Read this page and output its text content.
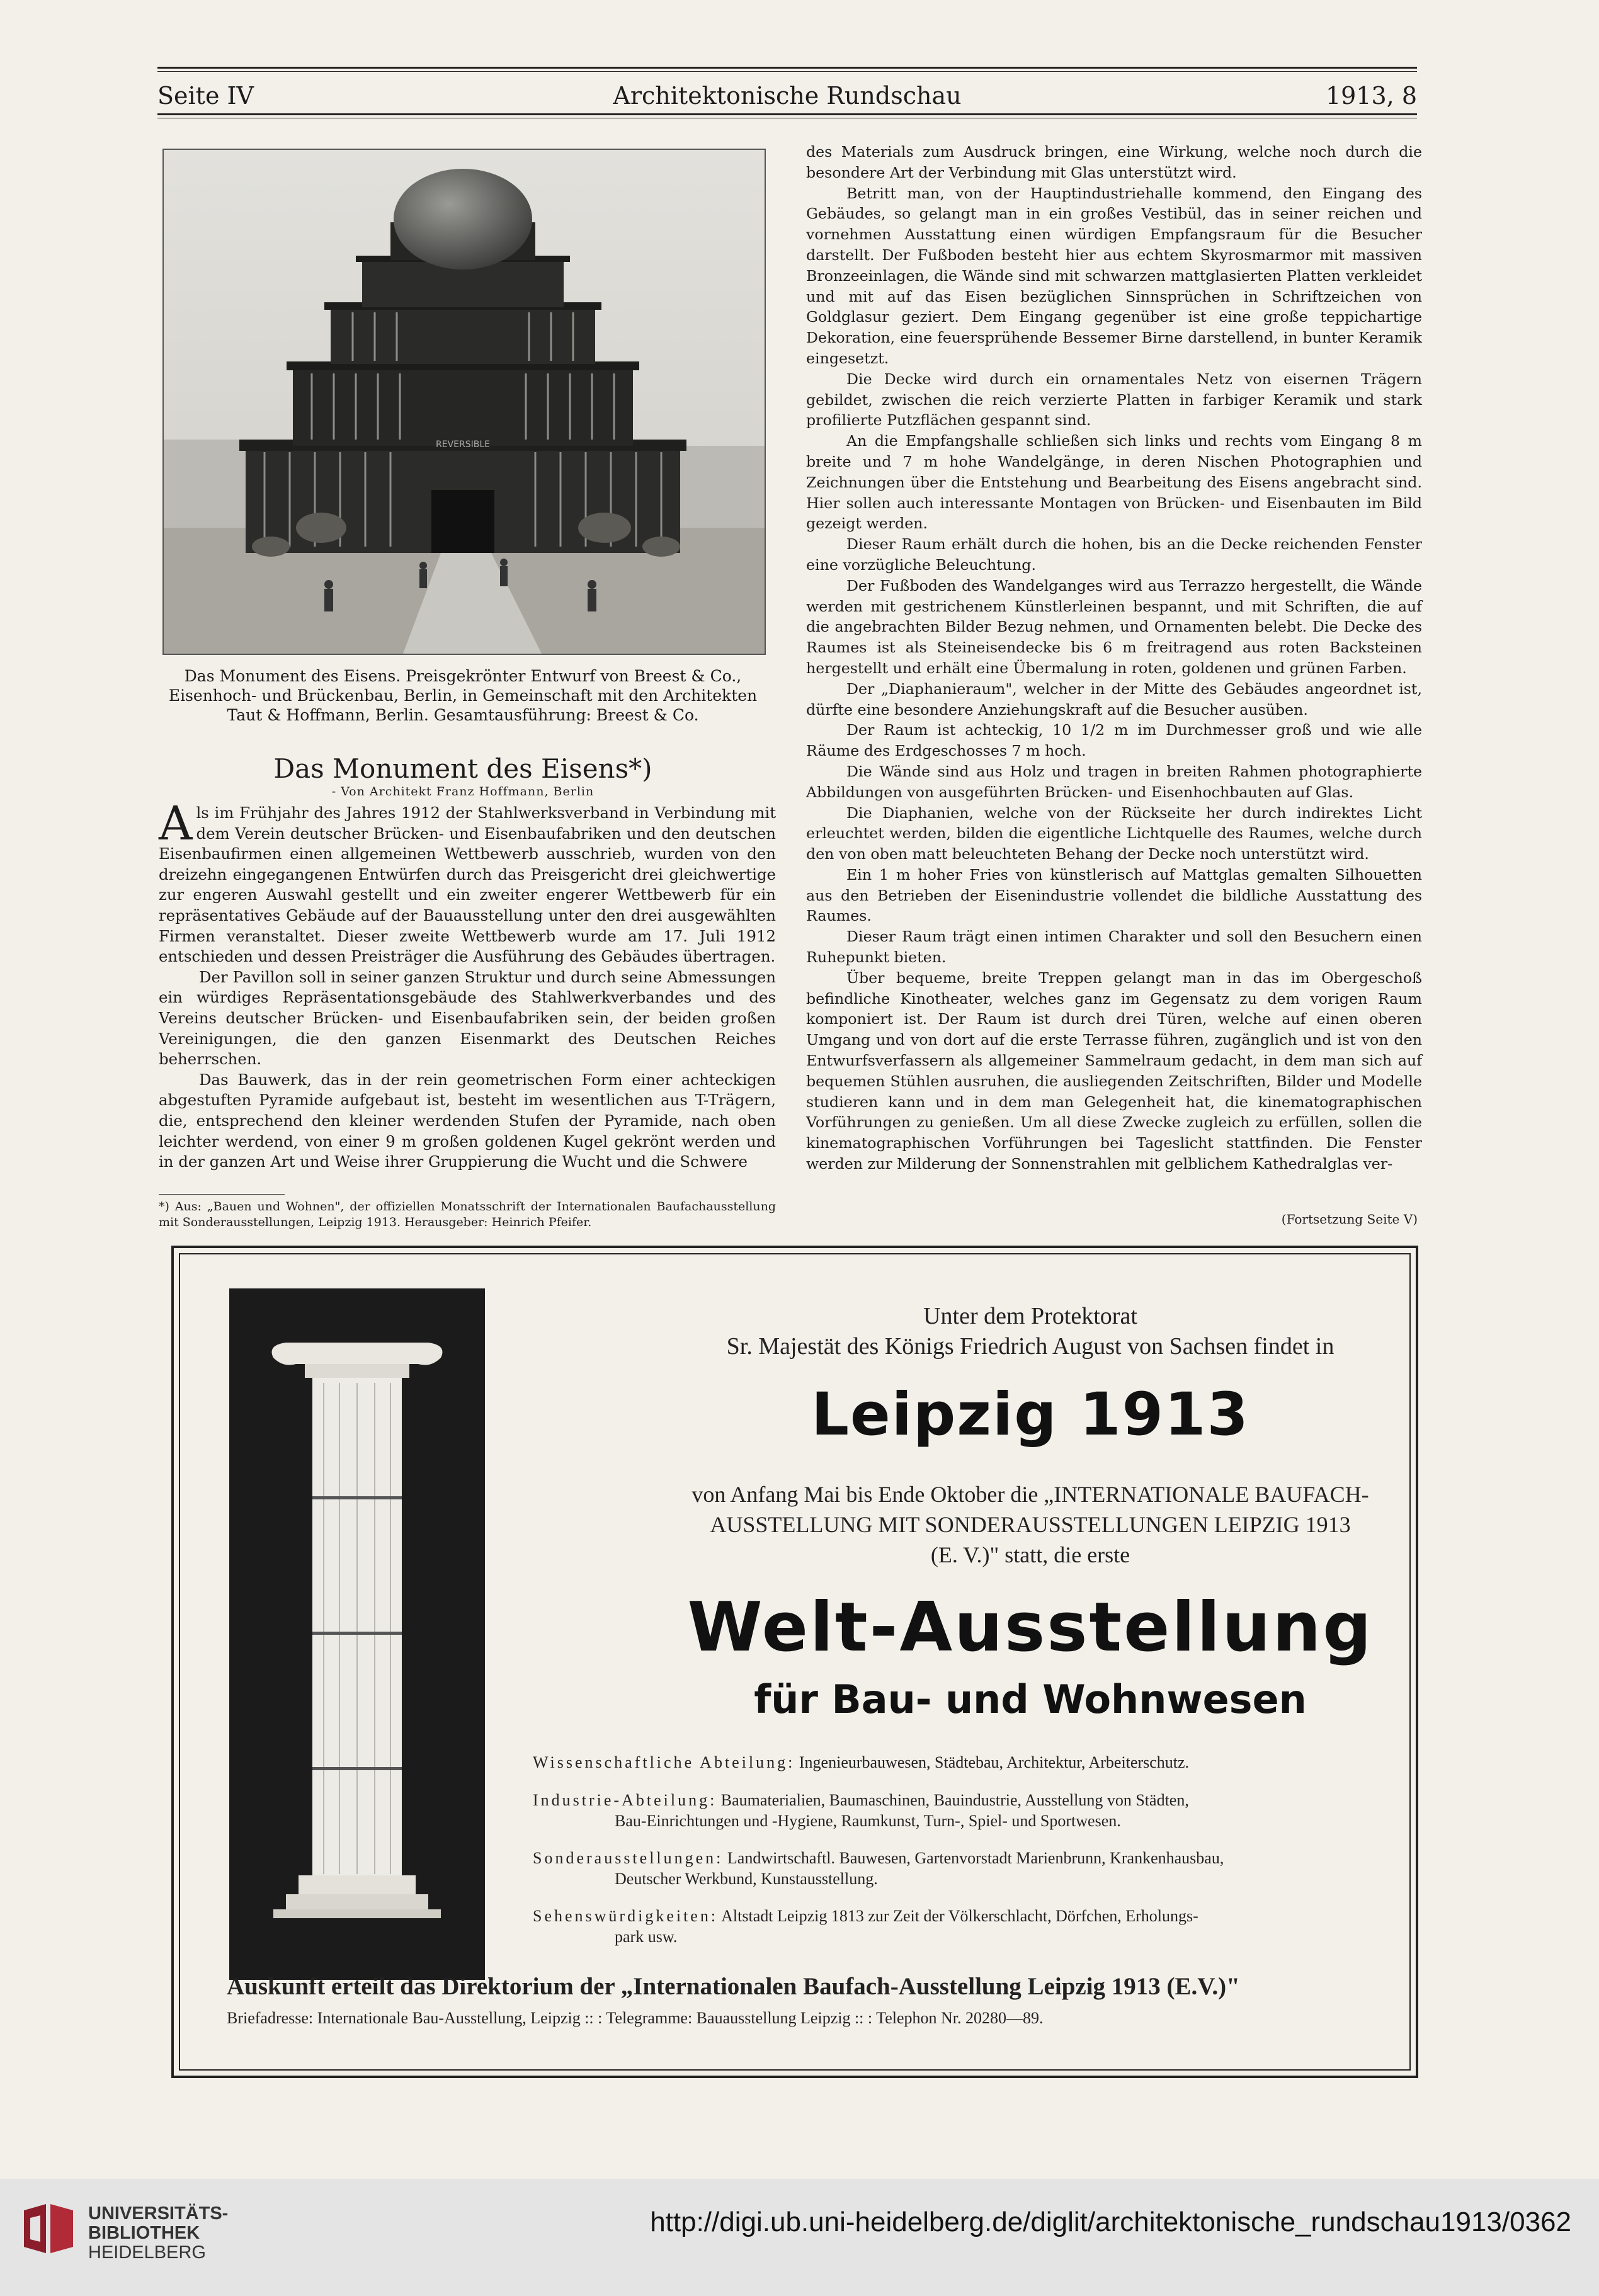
Seite IV	Architektonische Rundschau	1913, 8
REVERSIBLE
Das Monument des Eisens. Preisgekrönter Entwurf von Breest & Co., Eisenhoch- und Brückenbau, Berlin, in Gemeinschaft mit den Architekten Taut & Hoffmann, Berlin. Gesamtausführung: Breest & Co.
Das Monument des Eisens*)
- Von Architekt Franz Hoffmann, Berlin

Als im Frühjahr des Jahres 1912 der Stahlwerksverband in Verbindung mit dem Verein deutscher Brücken- und Eisenbaufabriken und den deutschen Eisenbaufirmen einen allgemeinen Wettbewerb ausschrieb, wurden von den dreizehn eingegangenen Entwürfen durch das Preisgericht drei gleichwertige zur engeren Auswahl gestellt und ein zweiter engerer Wettbewerb für ein repräsentatives Gebäude auf der Bauausstellung unter den drei ausgewählten Firmen veranstaltet. Dieser zweite Wettbewerb wurde am 17. Juli 1912 entschieden und dessen Preisträger die Ausführung des Gebäudes übertragen.

Der Pavillon soll in seiner ganzen Struktur und durch seine Abmessungen ein würdiges Repräsentationsgebäude des Stahlwerkverbandes und des Vereins deutscher Brücken- und Eisenbaufabriken sein, der beiden großen Vereinigungen, die den ganzen Eisenmarkt des Deutschen Reiches beherrschen.

Das Bauwerk, das in der rein geometrischen Form einer achteckigen abgestuften Pyramide aufgebaut ist, besteht im wesentlichen aus T-Trägern, die, entsprechend den kleiner werdenden Stufen der Pyramide, nach oben leichter werdend, von einer 9 m großen goldenen Kugel gekrönt werden und in der ganzen Art und Weise ihrer Gruppierung die Wucht und die Schwere

*) Aus: „Bauen und Wohnen", der offiziellen Monatsschrift der Internationalen Baufachausstellung mit Sonderausstellungen, Leipzig 1913. Herausgeber: Heinrich Pfeifer.

des Materials zum Ausdruck bringen, eine Wirkung, welche noch durch die besondere Art der Verbindung mit Glas unterstützt wird.

Betritt man, von der Hauptindustriehalle kommend, den Eingang des Gebäudes, so gelangt man in ein großes Vestibül, das in seiner reichen und vornehmen Ausstattung einen würdigen Empfangsraum für die Besucher darstellt. Der Fußboden besteht hier aus echtem Skyrosmarmor mit massiven Bronzeeinlagen, die Wände sind mit schwarzen mattglasierten Platten verkleidet und mit auf das Eisen bezüglichen Sinnsprüchen in Schriftzeichen von Goldglasur geziert. Dem Eingang gegenüber ist eine große teppichartige Dekoration, eine feuersprühende Bessemer Birne darstellend, in bunter Keramik eingesetzt.

Die Decke wird durch ein ornamentales Netz von eisernen Trägern gebildet, zwischen die reich verzierte Platten in farbiger Keramik und stark profilierte Putzflächen gespannt sind.

An die Empfangshalle schließen sich links und rechts vom Eingang 8 m breite und 7 m hohe Wandelgänge, in deren Nischen Photographien und Zeichnungen über die Entstehung und Bearbeitung des Eisens angebracht sind. Hier sollen auch interessante Montagen von Brücken- und Eisenbauten im Bild gezeigt werden.

Dieser Raum erhält durch die hohen, bis an die Decke reichenden Fenster eine vorzügliche Beleuchtung.

Der Fußboden des Wandelganges wird aus Terrazzo hergestellt, die Wände werden mit gestrichenem Künstlerleinen bespannt, und mit Schriften, die auf die angebrachten Bilder Bezug nehmen, und Ornamenten belebt. Die Decke des Raumes ist als Steineisendecke bis 6 m freitragend aus roten Backsteinen hergestellt und erhält eine Übermalung in roten, goldenen und grünen Farben.

Der „Diaphanieraum", welcher in der Mitte des Gebäudes angeordnet ist, dürfte eine besondere Anziehungskraft auf die Besucher ausüben.

Der Raum ist achteckig, 10 1/2 m im Durchmesser groß und wie alle Räume des Erdgeschosses 7 m hoch.

Die Wände sind aus Holz und tragen in breiten Rahmen photographierte Abbildungen von ausgeführten Brücken- und Eisenhochbauten auf Glas.

Die Diaphanien, welche von der Rückseite her durch indirektes Licht erleuchtet werden, bilden die eigentliche Lichtquelle des Raumes, welche durch den von oben matt beleuchteten Behang der Decke noch unterstützt wird.

Ein 1 m hoher Fries von künstlerisch auf Mattglas gemalten Silhouetten aus den Betrieben der Eisenindustrie vollendet die bildliche Ausstattung des Raumes.

Dieser Raum trägt einen intimen Charakter und soll den Besuchern einen Ruhepunkt bieten.

Über bequeme, breite Treppen gelangt man in das im Obergeschoß befindliche Kinotheater, welches ganz im Gegensatz zu dem vorigen Raum komponiert ist. Der Raum ist durch drei Türen, welche auf einen oberen Umgang und von dort auf die erste Terrasse führen, zugänglich und ist von den Entwurfsverfassern als allgemeiner Sammelraum gedacht, in dem man sich auf bequemen Stühlen ausruhen, die ausliegenden Zeitschriften, Bilder und Modelle studieren kann und in dem man Gelegenheit hat, die kinematographischen Vorführungen zu genießen. Um all diese Zwecke zugleich zu erfüllen, sollen die kinematographischen Vorführungen bei Tageslicht stattfinden. Die Fenster werden zur Milderung der Sonnenstrahlen mit gelblichem Kathedralglas ver-

(Fortsetzung Seite V)
Unter dem Protektorat
Sr. Majestät des Königs Friedrich August von Sachsen findet in
Leipzig 1913
von Anfang Mai bis Ende Oktober die „INTERNATIONALE BAUFACH-
AUSSTELLUNG MIT SONDERAUSSTELLUNGEN LEIPZIG 1913
(E. V.)" statt, die erste
Welt-Ausstellung
für Bau- und Wohnwesen
Wissenschaftliche Abteilung: Ingenieurbauwesen, Städtebau, Architektur, Arbeiterschutz.
Industrie-Abteilung: Baumaterialien, Baumaschinen, Bauindustrie, Ausstellung von Städten,
Bau-Einrichtungen und -Hygiene, Raumkunst, Turn-, Spiel- und Sportwesen.
Sonderausstellungen: Landwirtschaftl. Bauwesen, Gartenvorstadt Marienbrunn, Krankenhausbau,
Deutscher Werkbund, Kunstausstellung.
Sehenswürdigkeiten: Altstadt Leipzig 1813 zur Zeit der Völkerschlacht, Dörfchen, Erholungs-
park usw.
Auskunft erteilt das Direktorium der „Internationalen Baufach-Ausstellung Leipzig 1913 (E.V.)"
Briefadresse: Internationale Bau-Ausstellung, Leipzig :: : Telegramme: Bauausstellung Leipzig :: : Telephon Nr. 20280—89.
UNIVERSITÄTS-
BIBLIOTHEK
HEIDELBERG
http://digi.ub.uni-heidelberg.de/diglit/architektonische_rundschau1913/0362
